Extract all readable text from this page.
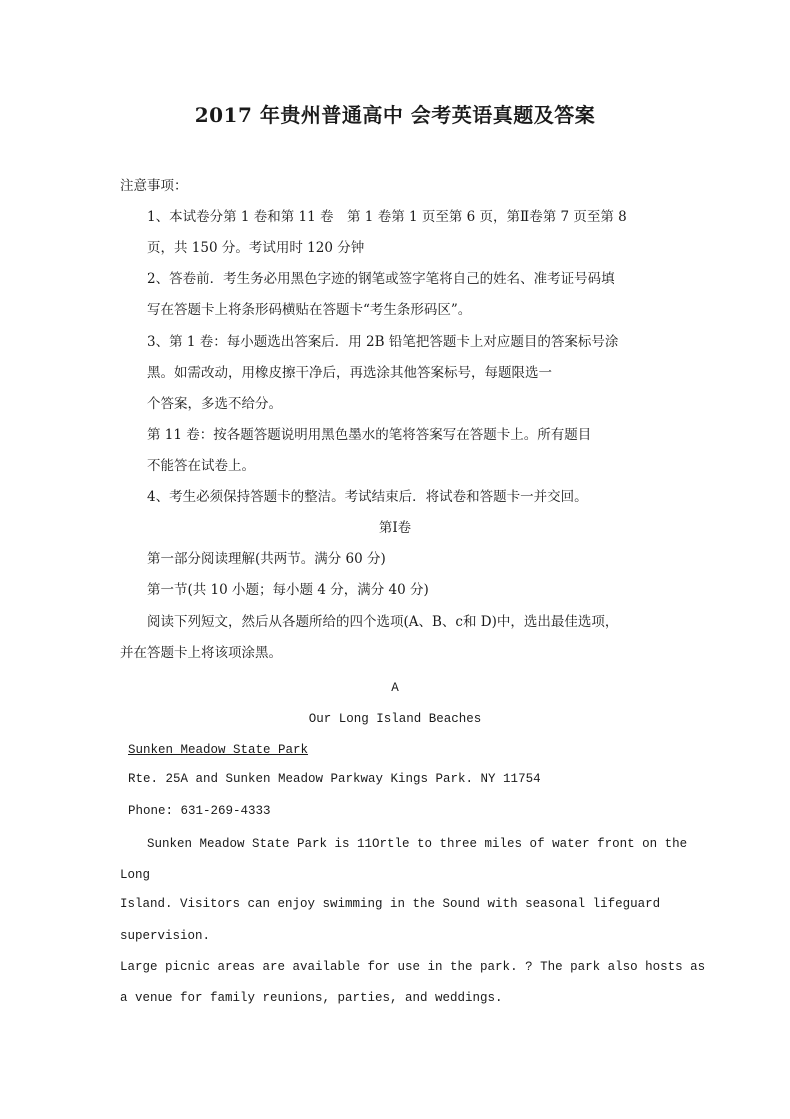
2017 年贵州普通高中 会考英语真题及答案
注意事项：
1、本试卷分第 1 卷和第 11 卷　第 1 卷第 1 页至第 6 页，第Ⅱ卷第 7 页至第 8
页，共 150 分。考试用时 120 分钟
2、答卷前．考生务必用黑色字迹的钢笔或签字笔将自己的姓名、准考证号码填
写在答题卡上将条形码横贴在答题卡“考生条形码区”。
3、第 1 卷：每小题选出答案后．用 2B 铅笔把答题卡上对应题目的答案标号涂
黑。如需改动，用橡皮擦干净后，再选涂其他答案标号，每题限选一
个答案，多选不给分。
第 11 卷：按各题答题说明用黑色墨水的笔将答案写在答题卡上。所有题目
不能答在试卷上。
4、考生必须保持答题卡的整洁。考试结束后．将试卷和答题卡一并交回。
第Ⅰ卷
第一部分阅读理解(共两节。满分 60 分)
第一节(共 10 小题；每小题 4 分，满分 40 分)
阅读下列短文，然后从各题所给的四个选项(A、B、c和 D)中，选出最佳选项，
并在答题卡上将该项涂黑。
A
Our Long Island Beaches
Sunken Meadow State Park
Rte. 25A and Sunken Meadow Parkway Kings Park. NY 11754
Phone: 631-269-4333
Sunken Meadow State Park is 11Ortle to three miles of water front on the
Long
Island. Visitors can enjoy swimming in the Sound with seasonal lifeguard
supervision.
Large picnic areas are available for use in the park. ? The park also hosts as
a venue for family reunions, parties, and weddings.
